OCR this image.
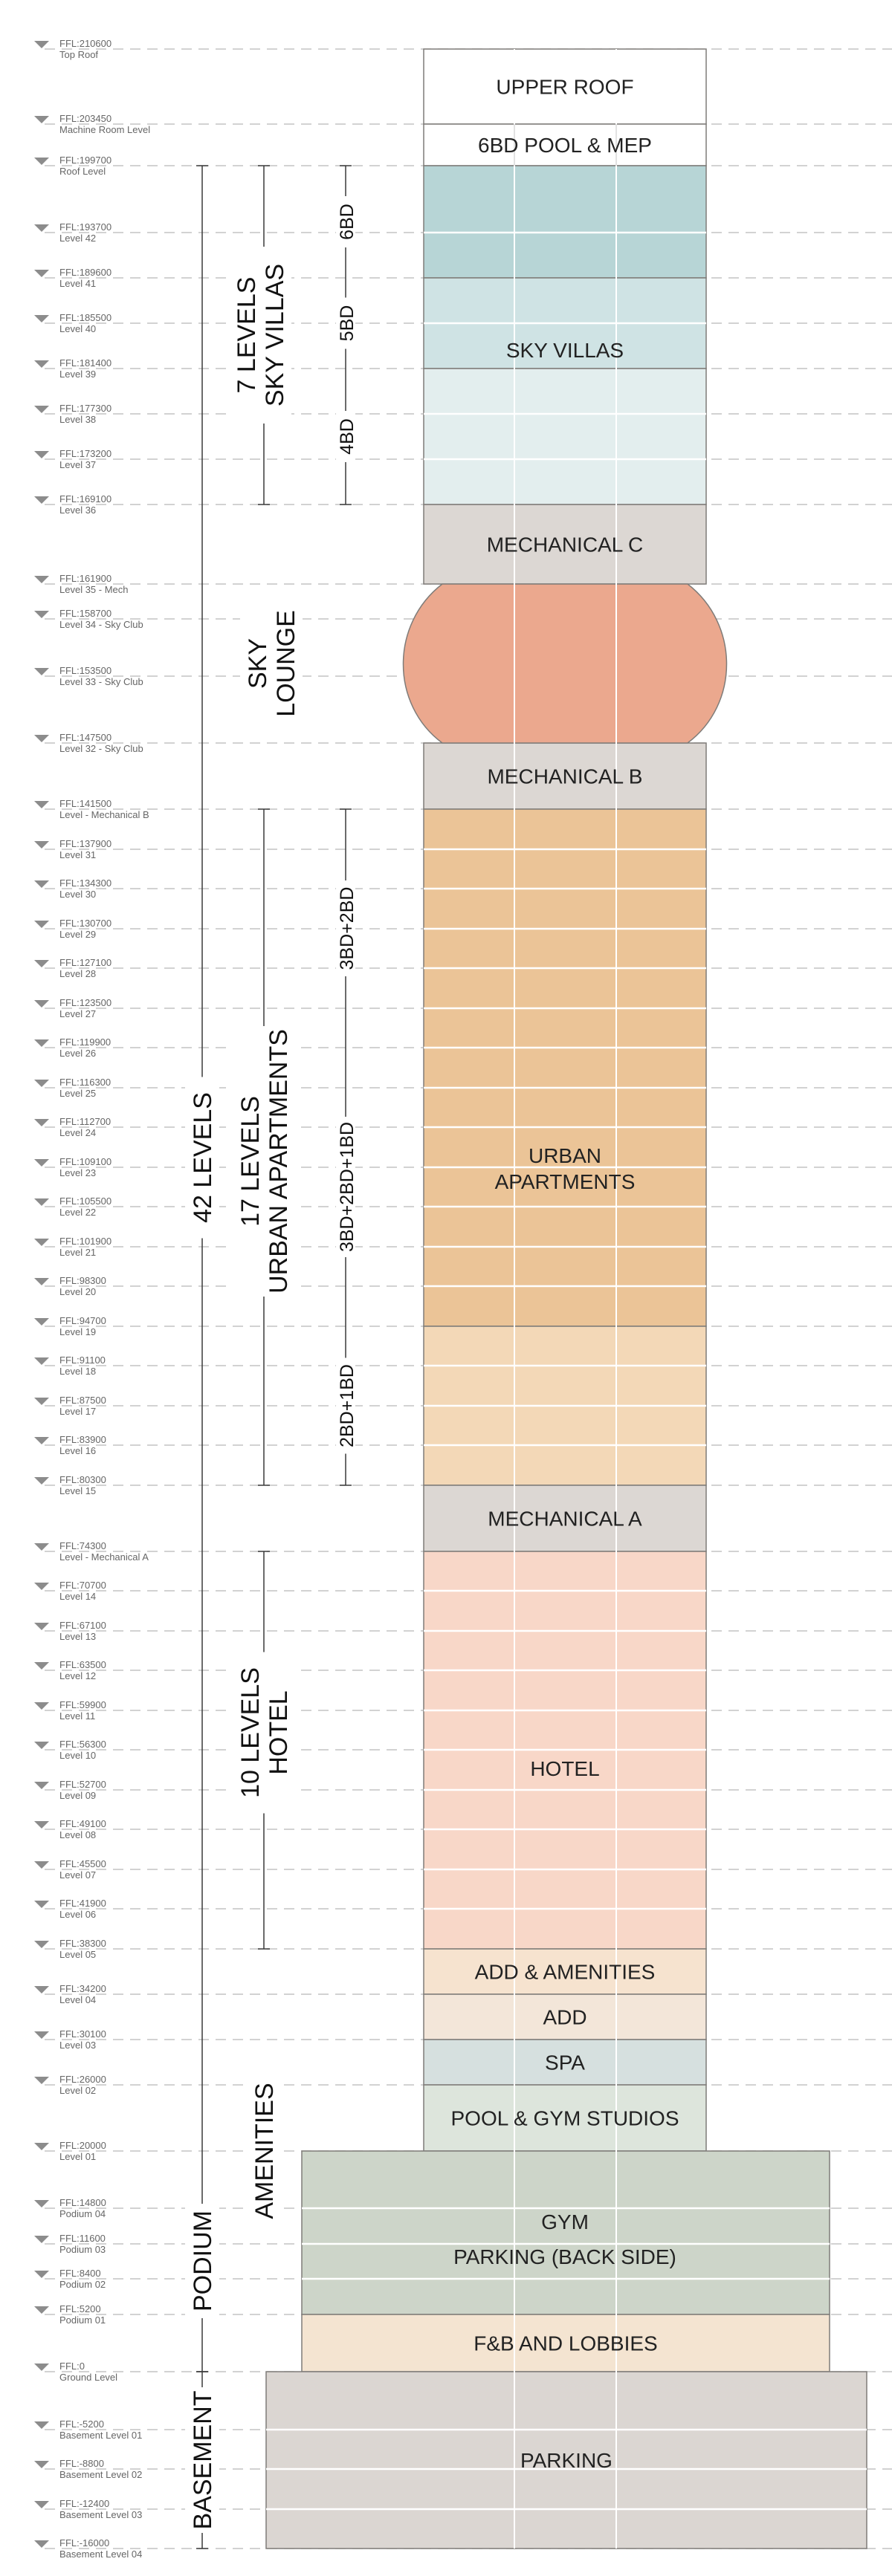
UPPER ROOF
6BD POOL & MEP
MECHANICAL C
MECHANICAL B
MECHANICAL A
ADD & AMENITIES
ADD
SPA
POOL & GYM STUDIOS
F&B AND LOBBIES
PARKING
SKY VILLAS
URBAN
APARTMENTS
HOTEL
GYM
PARKING (BACK SIDE)
FFL:210600
Top Roof
FFL:203450
Machine Room Level
FFL:199700
Roof Level
FFL:193700
Level 42
FFL:189600
Level 41
FFL:185500
Level 40
FFL:181400
Level 39
FFL:177300
Level 38
FFL:173200
Level 37
FFL:169100
Level 36
FFL:161900
Level 35 - Mech
FFL:158700
Level 34 - Sky Club
FFL:153500
Level 33 - Sky Club
FFL:147500
Level 32 - Sky Club
FFL:141500
Level - Mechanical B
FFL:137900
Level 31
FFL:134300
Level 30
FFL:130700
Level 29
FFL:127100
Level 28
FFL:123500
Level 27
FFL:119900
Level 26
FFL:116300
Level 25
FFL:112700
Level 24
FFL:109100
Level 23
FFL:105500
Level 22
FFL:101900
Level 21
FFL:98300
Level 20
FFL:94700
Level 19
FFL:91100
Level 18
FFL:87500
Level 17
FFL:83900
Level 16
FFL:80300
Level 15
FFL:74300
Level - Mechanical A
FFL:70700
Level 14
FFL:67100
Level 13
FFL:63500
Level 12
FFL:59900
Level 11
FFL:56300
Level 10
FFL:52700
Level 09
FFL:49100
Level 08
FFL:45500
Level 07
FFL:41900
Level 06
FFL:38300
Level 05
FFL:34200
Level 04
FFL:30100
Level 03
FFL:26000
Level 02
FFL:20000
Level 01
FFL:14800
Podium 04
FFL:11600
Podium 03
FFL:8400
Podium 02
FFL:5200
Podium 01
FFL:0
Ground Level
FFL:-5200
Basement Level 01
FFL:-8800
Basement Level 02
FFL:-12400
Basement Level 03
FFL:-16000
Basement Level 04
7 LEVELSSKY VILLAS
SKYLOUNGE
17 LEVELSURBAN APARTMENTS
10 LEVELSHOTEL
AMENITIES
42 LEVELS
PODIUM
BASEMENT
6BD
5BD
4BD
3BD+2BD
3BD+2BD+1BD
2BD+1BD
